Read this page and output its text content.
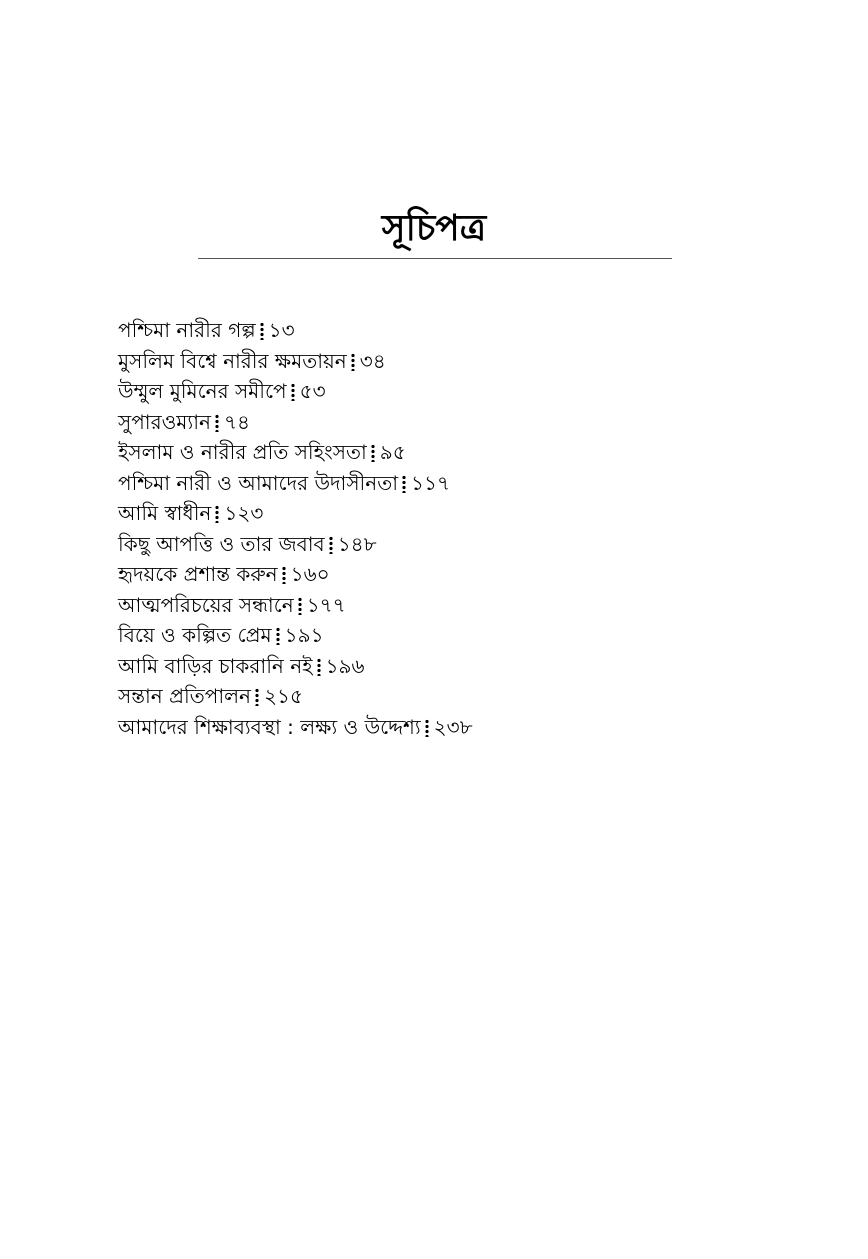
সূচিপত্র
পশ্চিমা নারীর গল্প ১৩
মুসলিম বিশ্বে নারীর ক্ষমতায়ন ৩৪
উম্মুল মুমিনের সমীপে ৫৩
সুপারওম্যান ৭৪
ইসলাম ও নারীর প্রতি সহিংসতা ৯৫
পশ্চিমা নারী ও আমাদের উদাসীনতা ১১৭
আমি স্বাধীন ১২৩
কিছু আপত্তি ও তার জবাব ১৪৮
হৃদয়কে প্রশান্ত করুন ১৬০
আত্মপরিচয়ের সন্ধানে ১৭৭
বিয়ে ও কল্পিত প্রেম ১৯১
আমি বাড়ির চাকরানি নই ১৯৬
সন্তান প্রতিপালন ২১৫
আমাদের শিক্ষাব্যবস্থা : লক্ষ্য ও উদ্দেশ্য ২৩৮
